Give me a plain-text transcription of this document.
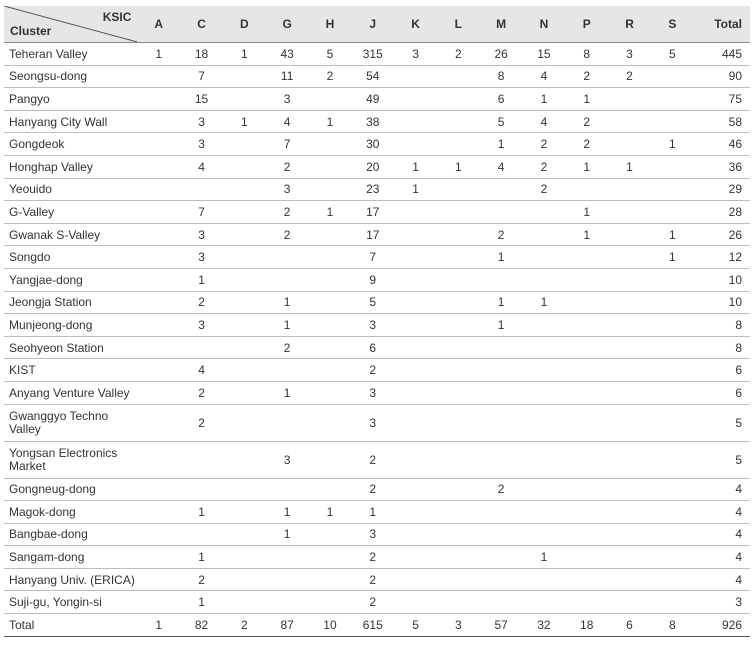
KSIC
Cluster	A	C	D	G	H	J	K	L	M	N	P	R	S	Total
Teheran Valley	1	18	1	43	5	315	3	2	26	15	8	3	5	445
Seongsu-dong		7		11	2	54			8	4	2	2		90
Pangyo		15		3		49			6	1	1			75
Hanyang City Wall		3	1	4	1	38			5	4	2			58
Gongdeok		3		7		30			1	2	2		1	46
Honghap Valley		4		2		20	1	1	4	2	1	1		36
Yeouido				3		23	1			2				29
G-Valley		7		2	1	17					1			28
Gwanak S-Valley		3		2		17			2		1		1	26
Songdo		3				7			1				1	12
Yangjae-dong		1				9								10
Jeongja Station		2		1		5			1	1				10
Munjeong-dong		3		1		3			1					8
Seohyeon Station				2		6								8
KIST		4				2								6
Anyang Venture Valley		2		1		3								6
Gwanggyo Techno Valley		2				3								5
Yongsan Electronics Market				3		2								5
Gongneug-dong						2			2					4
Magok-dong		1		1	1	1								4
Bangbae-dong				1		3								4
Sangam-dong		1				2				1				4
Hanyang Univ. (ERICA)		2				2								4
Suji-gu, Yongin-si		1				2								3
Total	1	82	2	87	10	615	5	3	57	32	18	6	8	926
